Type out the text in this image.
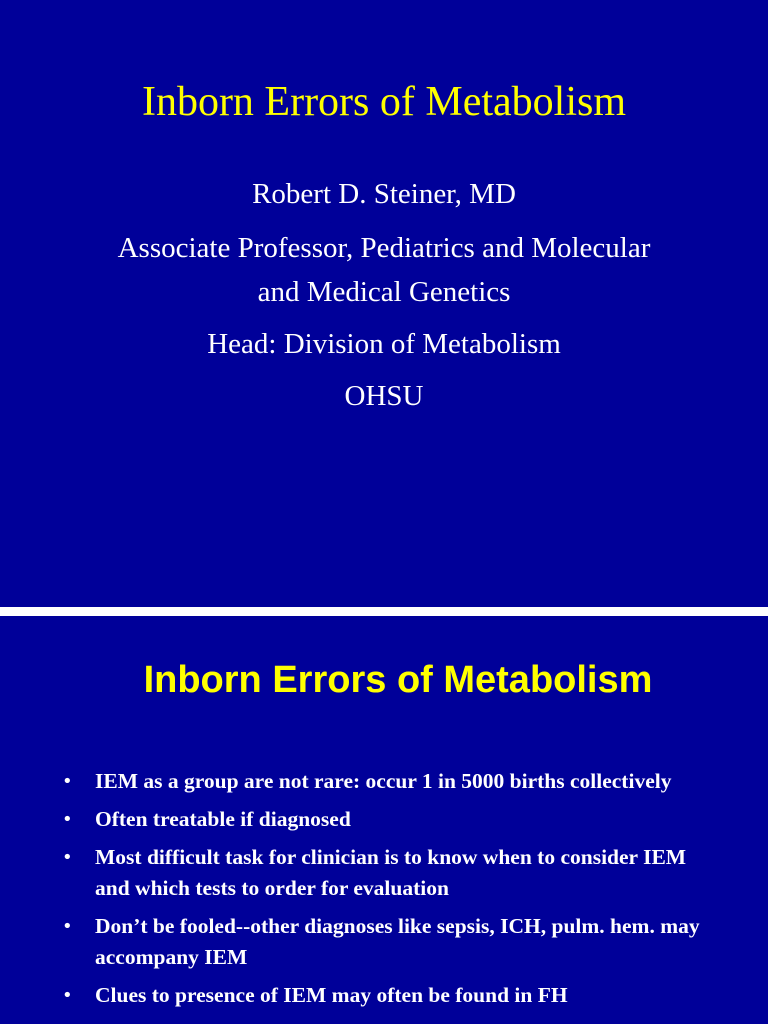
Inborn Errors of Metabolism
Robert D. Steiner, MD
Associate Professor, Pediatrics and Molecular
and Medical Genetics
Head: Division of Metabolism
OHSU
Inborn Errors of Metabolism
• IEM as a group are not rare: occur 1 in 5000 births collectively
• Often treatable if diagnosed
• Most difficult task for clinician is to know when to consider IEM and which tests to order for evaluation
• Don’t be fooled--other diagnoses like sepsis, ICH, pulm. hem. may accompany IEM
• Clues to presence of IEM may often be found in FH
